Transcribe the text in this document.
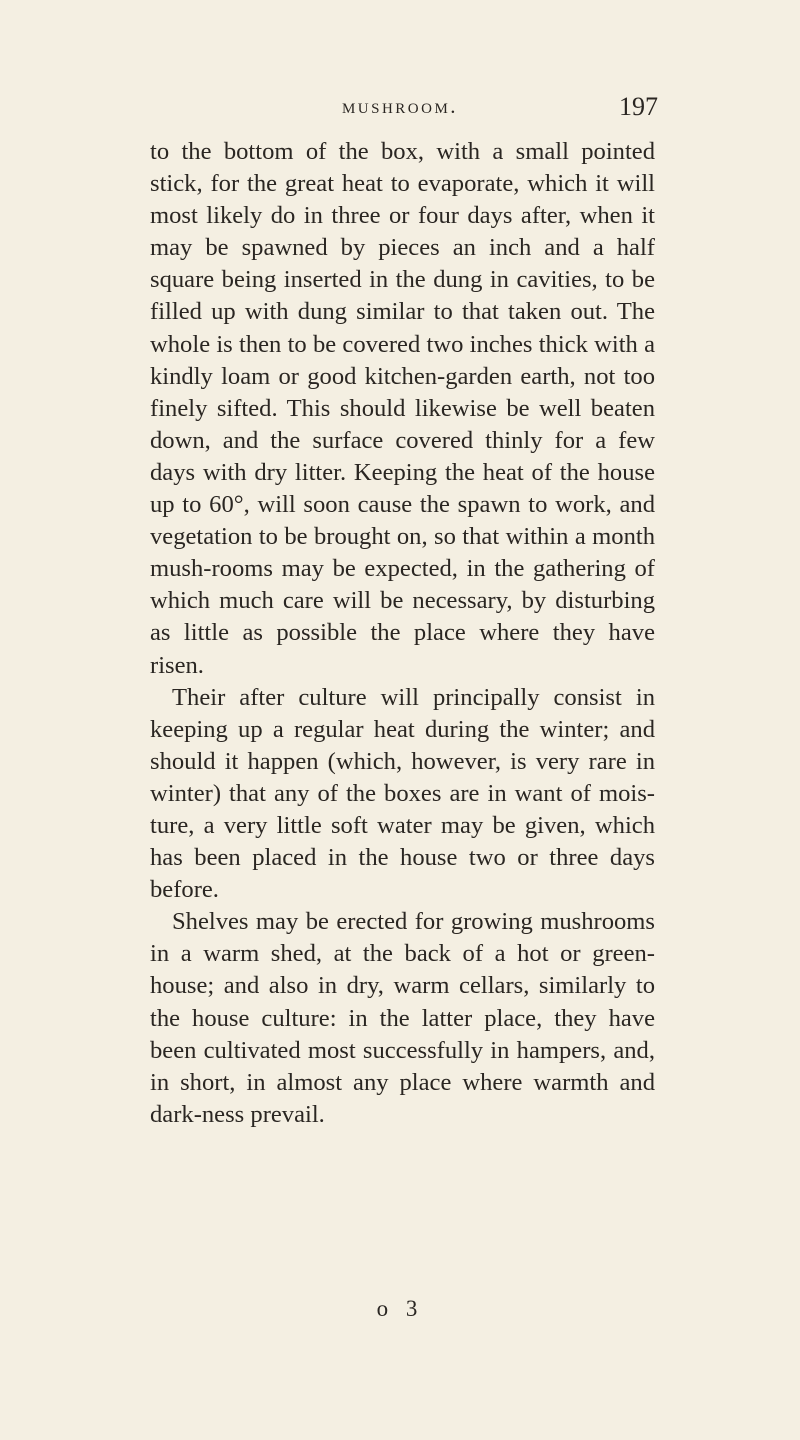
mushroom.	197

to the bottom of the box, with a small pointed stick, for the great heat to evaporate, which it will most likely do in three or four days after, when it may be spawned by pieces an inch and a half square being inserted in the dung in cavities, to be filled up with dung similar to that taken out. The whole is then to be covered two inches thick with a kindly loam or good kitchen-garden earth, not too finely sifted. This should likewise be well beaten down, and the surface covered thinly for a few days with dry litter. Keeping the heat of the house up to 60°, will soon cause the spawn to work, and vegetation to be brought on, so that within a month mush-rooms may be expected, in the gathering of which much care will be necessary, by disturbing as little as possible the place where they have risen.

Their after culture will principally consist in keeping up a regular heat during the winter; and should it happen (which, however, is very rare in winter) that any of the boxes are in want of mois-ture, a very little soft water may be given, which has been placed in the house two or three days before.

Shelves may be erected for growing mushrooms in a warm shed, at the back of a hot or green-house; and also in dry, warm cellars, similarly to the house culture: in the latter place, they have been cultivated most successfully in hampers, and, in short, in almost any place where warmth and dark-ness prevail.

o 3
